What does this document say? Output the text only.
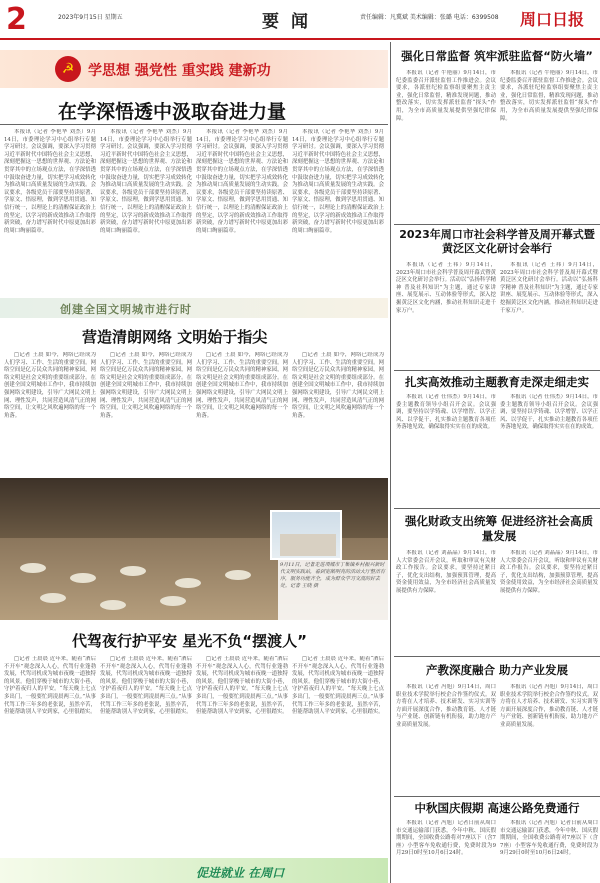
2	2023年9月15日 星期五	要闻	责任编辑：凡冀斌 美术编辑：张璐 电话：6399508 周口日报
☭ 学思想 强党性 重实践 建新功
在学深悟透中汲取奋进力量

本报讯（记者 李艳华 刘杰）9月14日，市委理论学习中心组举行专题学习研讨。会议强调，要深入学习贯彻习近平新时代中国特色社会主义思想，深刻把握这一思想的世界观、方法论和贯穿其中的立场观点方法，在学深悟透中汲取奋进力量，切实把学习成效转化为推动周口高质量发展的生动实践。会议要求，各级党员干部要坚持读原著、学原文、悟原理，做到学思用贯通、知信行统一，以理论上的清醒保证政治上的坚定，以学习的新成效推动工作取得新突破，奋力谱写新时代中原更加出彩的周口绚丽篇章。

本报讯（记者 李艳华 刘杰）9月14日，市委理论学习中心组举行专题学习研讨。会议强调，要深入学习贯彻习近平新时代中国特色社会主义思想，深刻把握这一思想的世界观、方法论和贯穿其中的立场观点方法，在学深悟透中汲取奋进力量，切实把学习成效转化为推动周口高质量发展的生动实践。会议要求，各级党员干部要坚持读原著、学原文、悟原理，做到学思用贯通、知信行统一，以理论上的清醒保证政治上的坚定，以学习的新成效推动工作取得新突破，奋力谱写新时代中原更加出彩的周口绚丽篇章。

本报讯（记者 李艳华 刘杰）9月14日，市委理论学习中心组举行专题学习研讨。会议强调，要深入学习贯彻习近平新时代中国特色社会主义思想，深刻把握这一思想的世界观、方法论和贯穿其中的立场观点方法，在学深悟透中汲取奋进力量，切实把学习成效转化为推动周口高质量发展的生动实践。会议要求，各级党员干部要坚持读原著、学原文、悟原理，做到学思用贯通、知信行统一，以理论上的清醒保证政治上的坚定，以学习的新成效推动工作取得新突破，奋力谱写新时代中原更加出彩的周口绚丽篇章。

本报讯（记者 李艳华 刘杰）9月14日，市委理论学习中心组举行专题学习研讨。会议强调，要深入学习贯彻习近平新时代中国特色社会主义思想，深刻把握这一思想的世界观、方法论和贯穿其中的立场观点方法，在学深悟透中汲取奋进力量，切实把学习成效转化为推动周口高质量发展的生动实践。会议要求，各级党员干部要坚持读原著、学原文、悟原理，做到学思用贯通、知信行统一，以理论上的清醒保证政治上的坚定，以学习的新成效推动工作取得新突破，奋力谱写新时代中原更加出彩的周口绚丽篇章。

创建全国文明城市进行时
营造清朗网络 文明始于指尖

□记者 王晨 如今，网络已经成为人们学习、工作、生活的重要空间。网络空间是亿万民众共同的精神家园，网络文明是社会文明的重要组成部分。在创建全国文明城市工作中，我市持续加强网络文明建设，引导广大网民文明上网、理性发声，共同营造风清气正的网络空间，让文明之风吹遍网络的每一个角落。

□记者 王晨 如今，网络已经成为人们学习、工作、生活的重要空间。网络空间是亿万民众共同的精神家园，网络文明是社会文明的重要组成部分。在创建全国文明城市工作中，我市持续加强网络文明建设，引导广大网民文明上网、理性发声，共同营造风清气正的网络空间，让文明之风吹遍网络的每一个角落。

□记者 王晨 如今，网络已经成为人们学习、工作、生活的重要空间。网络空间是亿万民众共同的精神家园，网络文明是社会文明的重要组成部分。在创建全国文明城市工作中，我市持续加强网络文明建设，引导广大网民文明上网、理性发声，共同营造风清气正的网络空间，让文明之风吹遍网络的每一个角落。

□记者 王晨 如今，网络已经成为人们学习、工作、生活的重要空间。网络空间是亿万民众共同的精神家园，网络文明是社会文明的重要组成部分。在创建全国文明城市工作中，我市持续加强网络文明建设，引导广大网民文明上网、理性发声，共同营造风清气正的网络空间，让文明之风吹遍网络的每一个角落。

9月11日，记者走进项城市丁集镇乡村振兴新时代文明实践站，看到宽敞明亮的活动大厅整洁有序，服务功能齐全，成为群众学习交流的好去处。记者 王晓 摄
代驾夜行护平安 星光不负“摆渡人”

□记者 王晨晨 近年来，随着“酒后不开车”观念深入人心，代驾行业蓬勃发展，代驾司机成为城市夜晚一道独特的风景。他们穿梭于城市的大街小巷，守护着夜归人的平安。“每天晚上七点多出门，一般要忙到凌晨两三点。”从事代驾工作三年多的老张说，虽然辛苦，但能帮助别人平安到家，心里很踏实。

□记者 王晨晨 近年来，随着“酒后不开车”观念深入人心，代驾行业蓬勃发展，代驾司机成为城市夜晚一道独特的风景。他们穿梭于城市的大街小巷，守护着夜归人的平安。“每天晚上七点多出门，一般要忙到凌晨两三点。”从事代驾工作三年多的老张说，虽然辛苦，但能帮助别人平安到家，心里很踏实。

□记者 王晨晨 近年来，随着“酒后不开车”观念深入人心，代驾行业蓬勃发展，代驾司机成为城市夜晚一道独特的风景。他们穿梭于城市的大街小巷，守护着夜归人的平安。“每天晚上七点多出门，一般要忙到凌晨两三点。”从事代驾工作三年多的老张说，虽然辛苦，但能帮助别人平安到家，心里很踏实。

□记者 王晨晨 近年来，随着“酒后不开车”观念深入人心，代驾行业蓬勃发展，代驾司机成为城市夜晚一道独特的风景。他们穿梭于城市的大街小巷，守护着夜归人的平安。“每天晚上七点多出门，一般要忙到凌晨两三点。”从事代驾工作三年多的老张说，虽然辛苦，但能帮助别人平安到家，心里很踏实。

促进就业 在周口
强化日常监督 筑牢派驻监督“防火墙”

本报讯（记者 牛艳丽）9月14日，市纪委监委召开派驻监督工作推进会。会议要求，各派驻纪检监察组要聚焦主责主业，强化日常监督，精准发现问题，推动整改落实，切实发挥派驻监督“探头”作用，为全市高质量发展提供坚强纪律保障。

本报讯（记者 牛艳丽）9月14日，市纪委监委召开派驻监督工作推进会。会议要求，各派驻纪检监察组要聚焦主责主业，强化日常监督，精准发现问题，推动整改落实，切实发挥派驻监督“探头”作用，为全市高质量发展提供坚强纪律保障。

2023年周口市社会科学普及周开幕式暨黄泛区文化研讨会举行

本报讯（记者 王祎）9月14日，2023年周口市社会科学普及周开幕式暨黄泛区文化研讨会举行。活动以“弘扬科学精神 普及社科知识”为主题，通过专家讲座、展览展示、互动体验等形式，深入挖掘黄泛区文化内涵，推动社科知识走进千家万户。

本报讯（记者 王祎）9月14日，2023年周口市社会科学普及周开幕式暨黄泛区文化研讨会举行。活动以“弘扬科学精神 普及社科知识”为主题，通过专家讲座、展览展示、互动体验等形式，深入挖掘黄泛区文化内涵，推动社科知识走进千家万户。

扎实高效推动主题教育走深走细走实

本报讯（记者 任伟杰）9月14日，市委主题教育领导小组召开会议。会议强调，要坚持以学铸魂、以学增智、以学正风、以学促干，扎实推动主题教育各项任务落地见效，确保取得实实在在的成效。

本报讯（记者 任伟杰）9月14日，市委主题教育领导小组召开会议。会议强调，要坚持以学铸魂、以学增智、以学正风、以学促干，扎实推动主题教育各项任务落地见效，确保取得实实在在的成效。

强化财政支出统筹 促进经济社会高质量发展

本报讯（记者 刘晶晶）9月14日，市人大常委会召开会议，听取和审议有关财政工作报告。会议要求，要坚持过紧日子，优化支出结构，加强预算管理，提高资金使用效益，为全市经济社会高质量发展提供有力保障。

本报讯（记者 刘晶晶）9月14日，市人大常委会召开会议，听取和审议有关财政工作报告。会议要求，要坚持过紧日子，优化支出结构，加强预算管理，提高资金使用效益，为全市经济社会高质量发展提供有力保障。

产教深度融合 助力产业发展

本报讯（记者 冯旭）9月14日，周口职业技术学院举行校企合作签约仪式。双方将在人才培养、技术研发、实习实训等方面开展深度合作，推动教育链、人才链与产业链、创新链有机衔接，助力地方产业高质量发展。

本报讯（记者 冯旭）9月14日，周口职业技术学院举行校企合作签约仪式。双方将在人才培养、技术研发、实习实训等方面开展深度合作，推动教育链、人才链与产业链、创新链有机衔接，助力地方产业高质量发展。

中秋国庆假期 高速公路免费通行

本报讯（记者 冯旭）记者日前从周口市交通运输部门获悉，今年中秋、国庆假期期间，全国收费公路将对7座以下（含7座）小型客车免收通行费，免费时段为9月29日0时至10月6日24时。

本报讯（记者 冯旭）记者日前从周口市交通运输部门获悉，今年中秋、国庆假期期间，全国收费公路将对7座以下（含7座）小型客车免收通行费，免费时段为9月29日0时至10月6日24时。
